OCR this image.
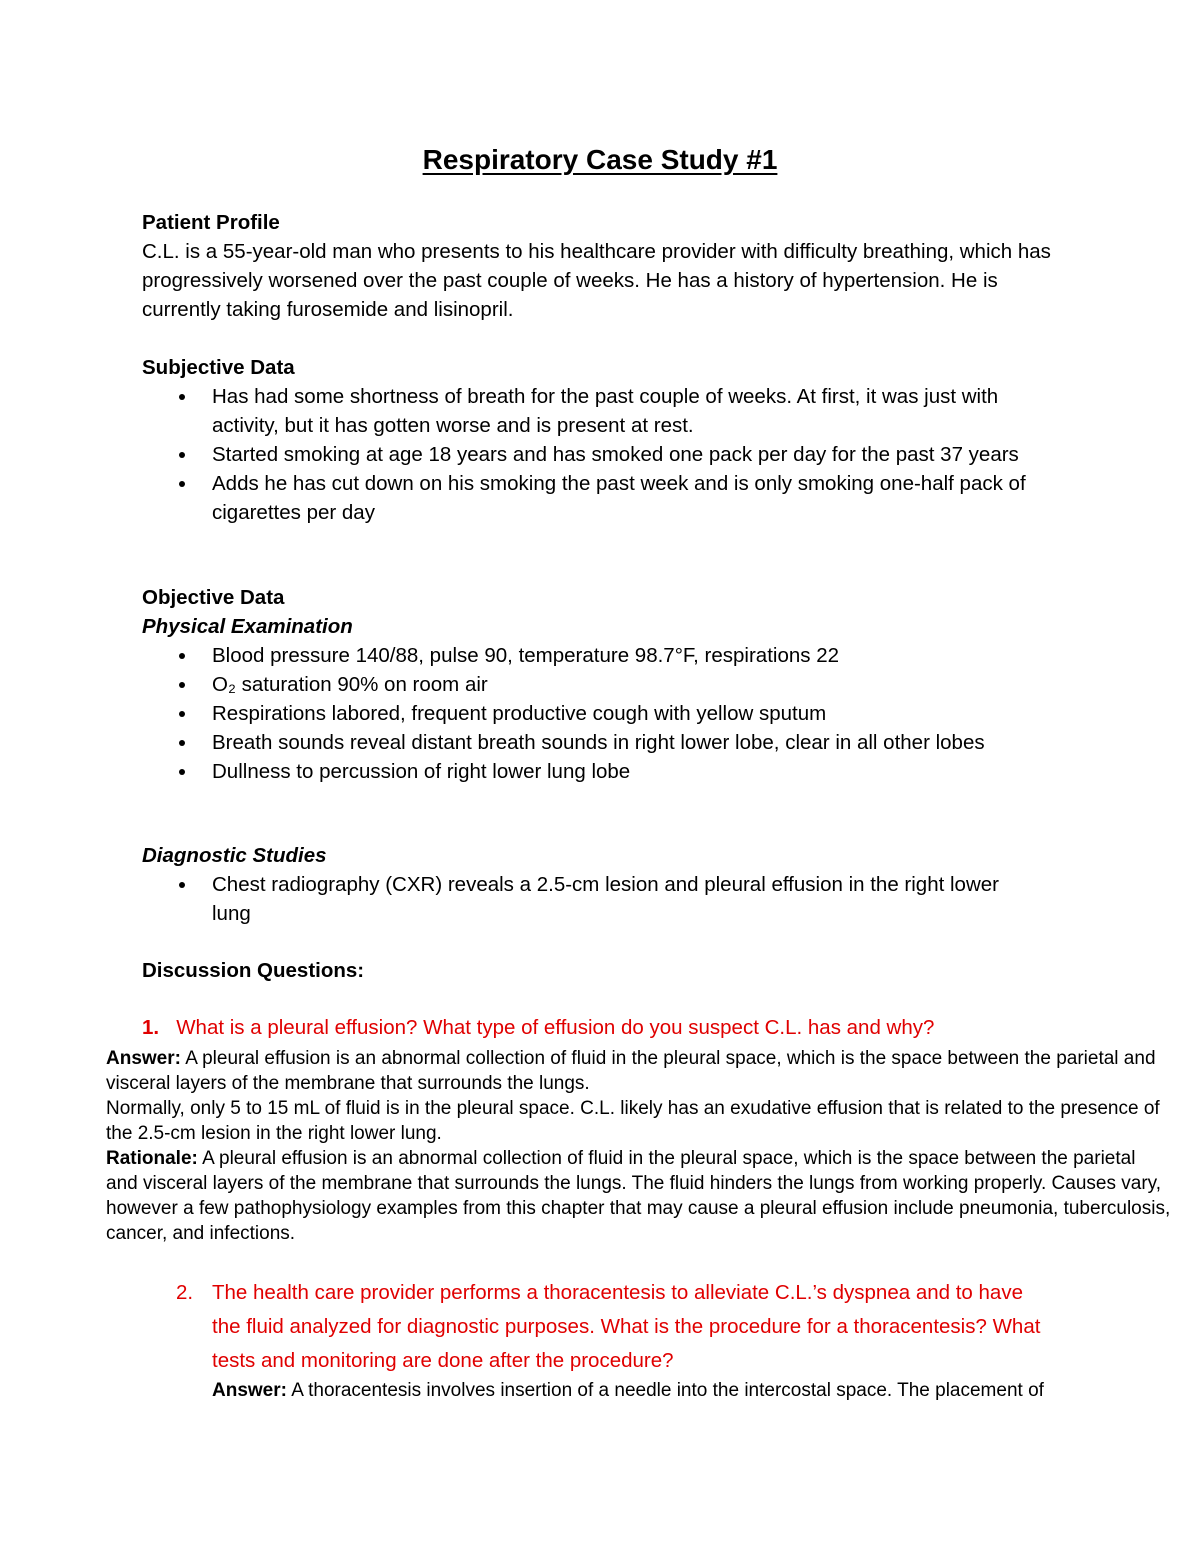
Respiratory Case Study #1
Patient Profile
C.L. is a 55-year-old man who presents to his healthcare provider with difficulty breathing, which has progressively worsened over the past couple of weeks. He has a history of hypertension. He is currently taking furosemide and lisinopril.
Subjective Data
Has had some shortness of breath for the past couple of weeks. At first, it was just with activity, but it has gotten worse and is present at rest.
Started smoking at age 18 years and has smoked one pack per day for the past 37 years
Adds he has cut down on his smoking the past week and is only smoking one-half pack of cigarettes per day
Objective Data
Physical Examination
Blood pressure 140/88, pulse 90, temperature 98.7°F, respirations 22
O₂ saturation 90% on room air
Respirations labored, frequent productive cough with yellow sputum
Breath sounds reveal distant breath sounds in right lower lobe, clear in all other lobes
Dullness to percussion of right lower lung lobe
Diagnostic Studies
Chest radiography (CXR) reveals a 2.5-cm lesion and pleural effusion in the right lower lung
Discussion Questions:
1. What is a pleural effusion? What type of effusion do you suspect C.L. has and why?
Answer: A pleural effusion is an abnormal collection of fluid in the pleural space, which is the space between the parietal and visceral layers of the membrane that surrounds the lungs.
Normally, only 5 to 15 mL of fluid is in the pleural space. C.L. likely has an exudative effusion that is related to the presence of the 2.5-cm lesion in the right lower lung.
Rationale: A pleural effusion is an abnormal collection of fluid in the pleural space, which is the space between the parietal and visceral layers of the membrane that surrounds the lungs. The fluid hinders the lungs from working properly. Causes vary, however a few pathophysiology examples from this chapter that may cause a pleural effusion include pneumonia, tuberculosis, cancer, and infections.
2. The health care provider performs a thoracentesis to alleviate C.L.’s dyspnea and to have the fluid analyzed for diagnostic purposes. What is the procedure for a thoracentesis? What tests and monitoring are done after the procedure?
Answer: A thoracentesis involves insertion of a needle into the intercostal space. The placement of
